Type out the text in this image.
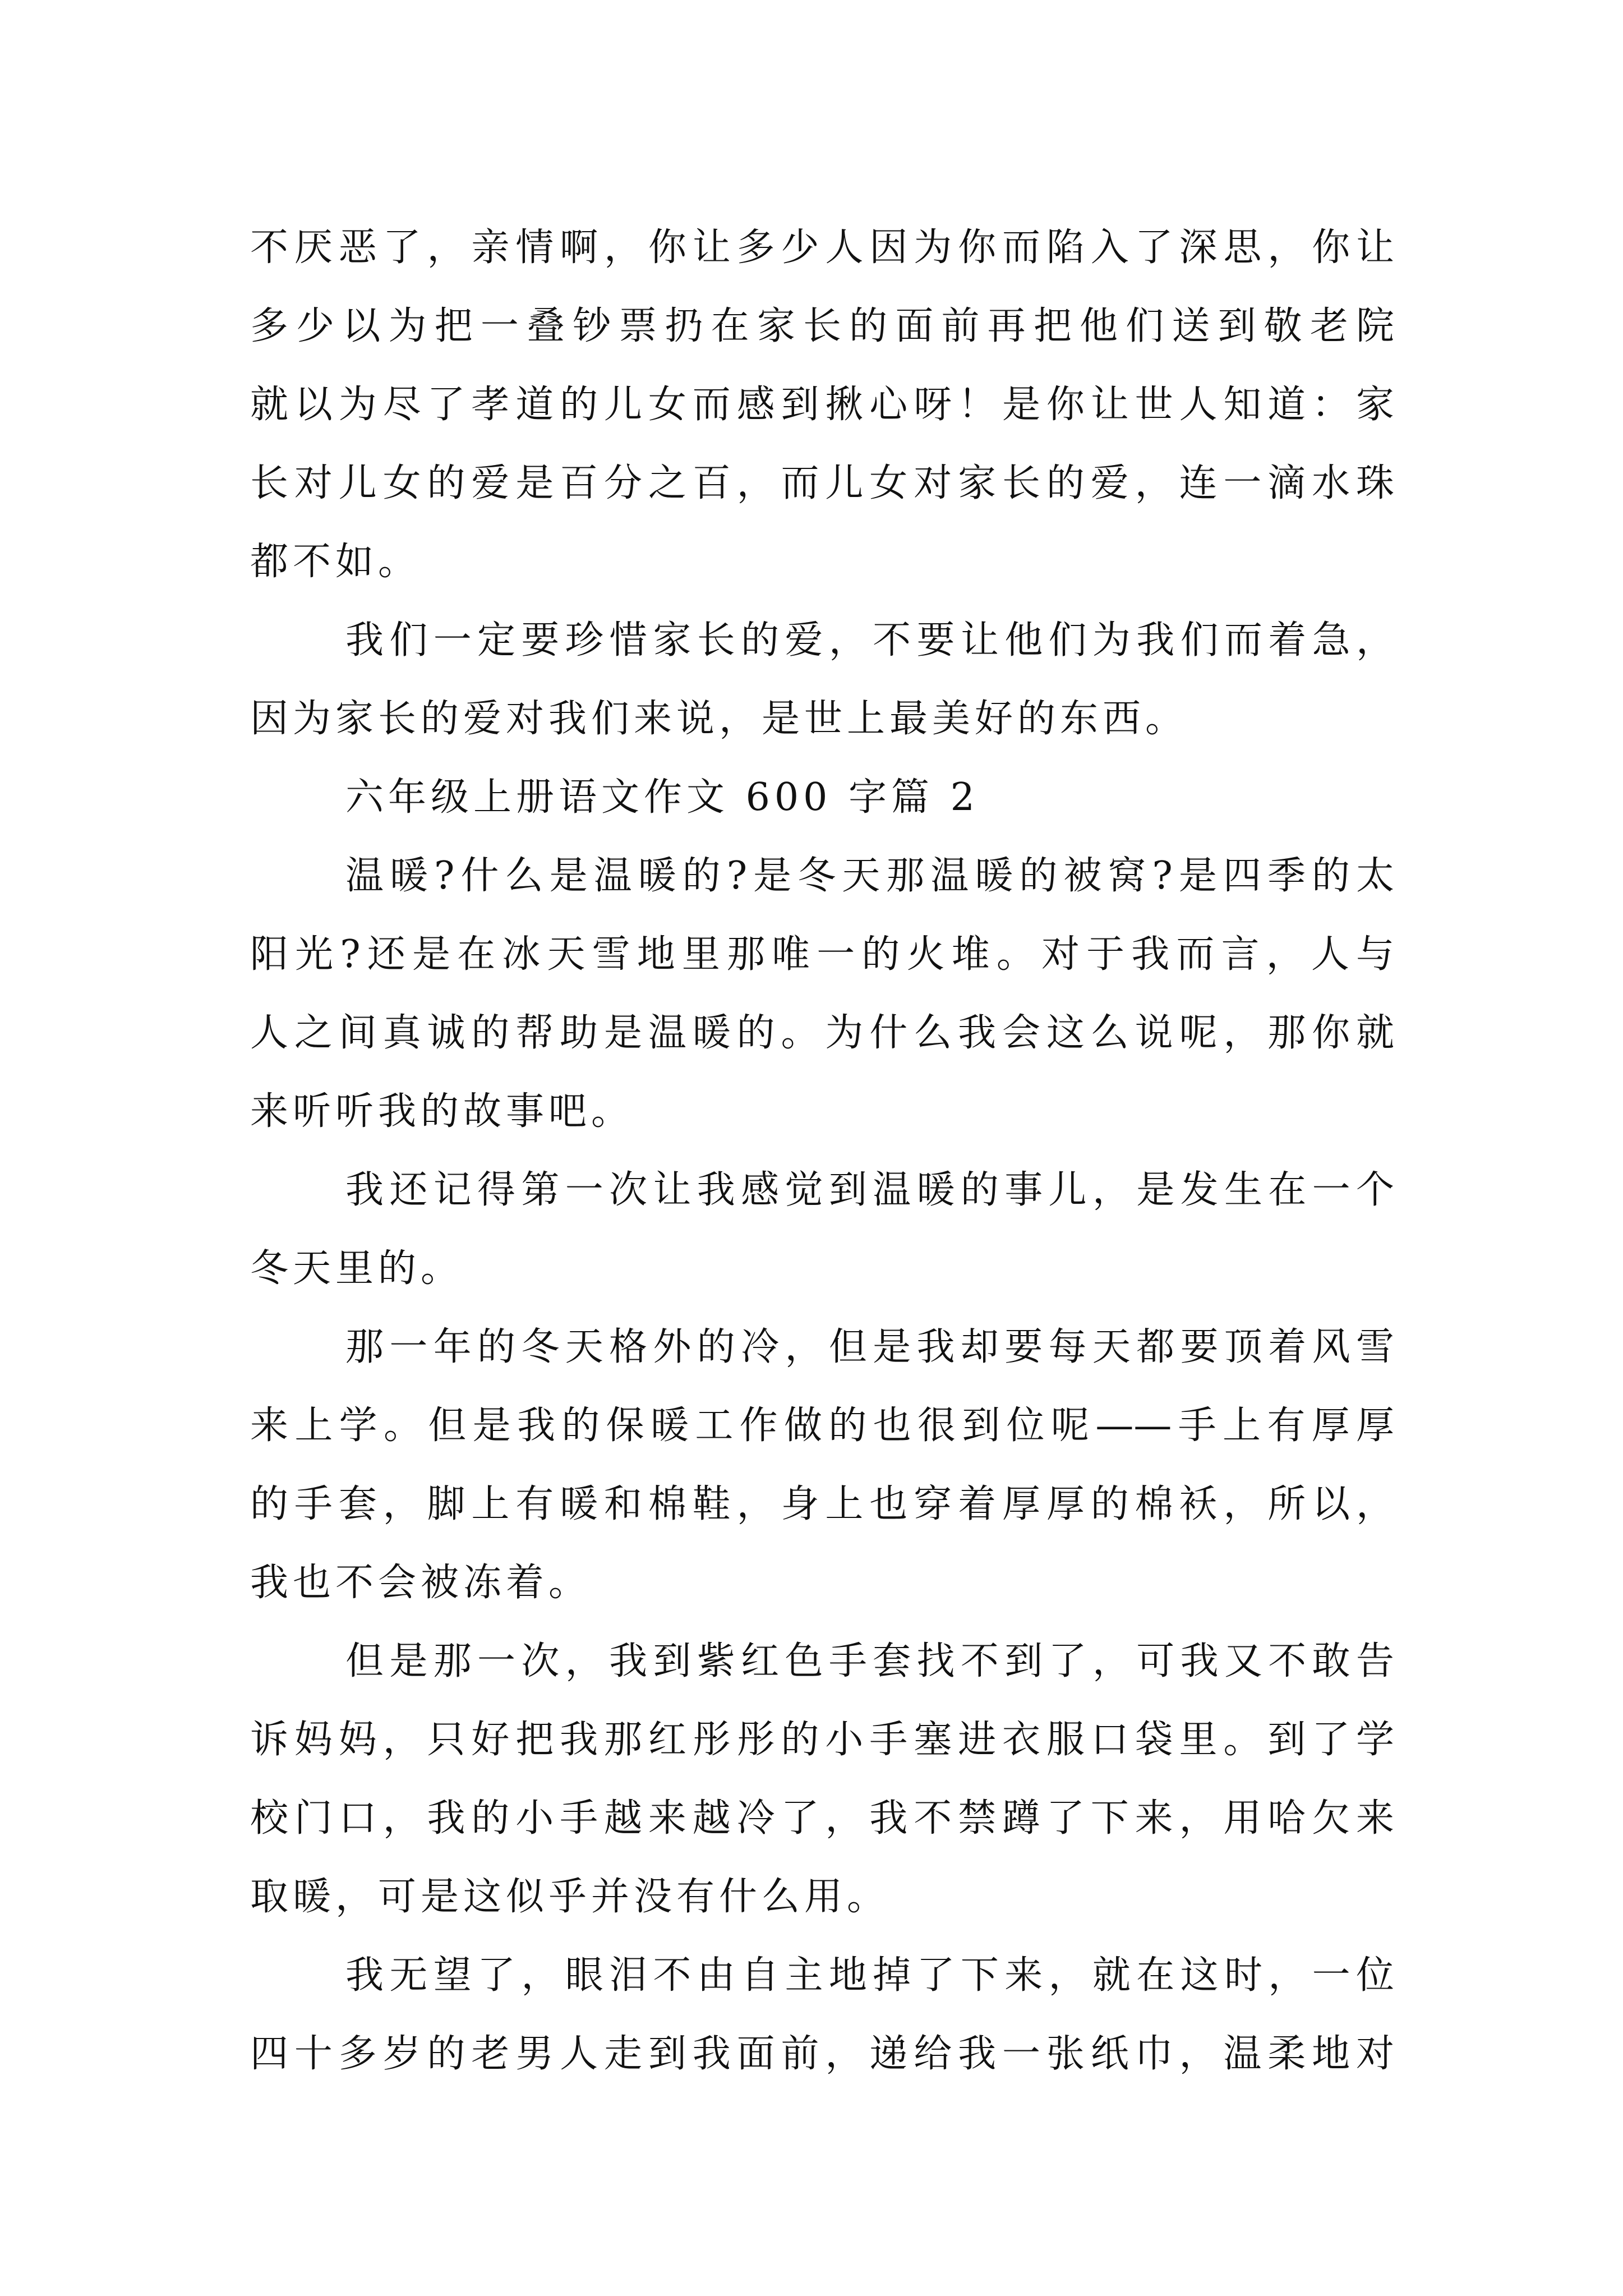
不厌恶了，亲情啊，你让多少人因为你而陷入了深思，你让
多少以为把一叠钞票扔在家长的面前再把他们送到敬老院
就以为尽了孝道的儿女而感到揪心呀！是你让世人知道：家
长对儿女的爱是百分之百，而儿女对家长的爱，连一滴水珠
都不如。
我们一定要珍惜家长的爱，不要让他们为我们而着急，
因为家长的爱对我们来说，是世上最美好的东西。
六年级上册语文作文 600 字篇 2
温暖?什么是温暖的?是冬天那温暖的被窝?是四季的太
阳光?还是在冰天雪地里那唯一的火堆。对于我而言，人与
人之间真诚的帮助是温暖的。为什么我会这么说呢，那你就
来听听我的故事吧。
我还记得第一次让我感觉到温暖的事儿，是发生在一个
冬天里的。
那一年的冬天格外的冷，但是我却要每天都要顶着风雪
来上学。但是我的保暖工作做的也很到位呢——手上有厚厚
的手套，脚上有暖和棉鞋，身上也穿着厚厚的棉袄，所以，
我也不会被冻着。
但是那一次，我到紫红色手套找不到了，可我又不敢告
诉妈妈，只好把我那红彤彤的小手塞进衣服口袋里。到了学
校门口，我的小手越来越冷了，我不禁蹲了下来，用哈欠来
取暖，可是这似乎并没有什么用。
我无望了，眼泪不由自主地掉了下来，就在这时，一位
四十多岁的老男人走到我面前，递给我一张纸巾，温柔地对
